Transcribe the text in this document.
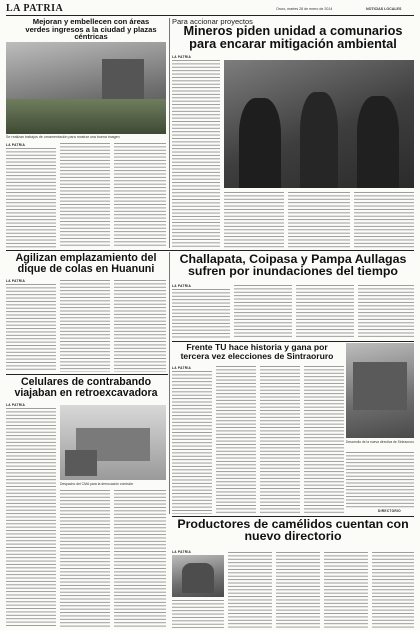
LA PATRIA	Oruro, martes 28 de enero de 2014	NOTICIAS LOCALES
Mejoran y embellecen con áreas verdes ingresos a la ciudad y plazas céntricas
Se realizan trabajos de ornamentación para mostrar una buena imagen
LA PATRIA
Para accionar proyectos
Mineros piden unidad a comunarios para encarar mitigación ambiental
LA PATRIA
Agilizan emplazamiento del dique de colas en Huanuni
LA PATRIA
Challapata, Coipasa y Pampa Aullagas sufren por inundaciones del tiempo
LA PATRIA
Frente TU hace historia y gana por tercera vez elecciones de Sintraoruro
LA PATRIA
Desarrollo de la nueva directiva de Sintraoruro
DIRECTORIO
Celulares de contrabando viajaban en retroexcavadora
LA PATRIA
Despacho del CMA para la derrocación comisión
Productores de camélidos cuentan con nuevo directorio
LA PATRIA
